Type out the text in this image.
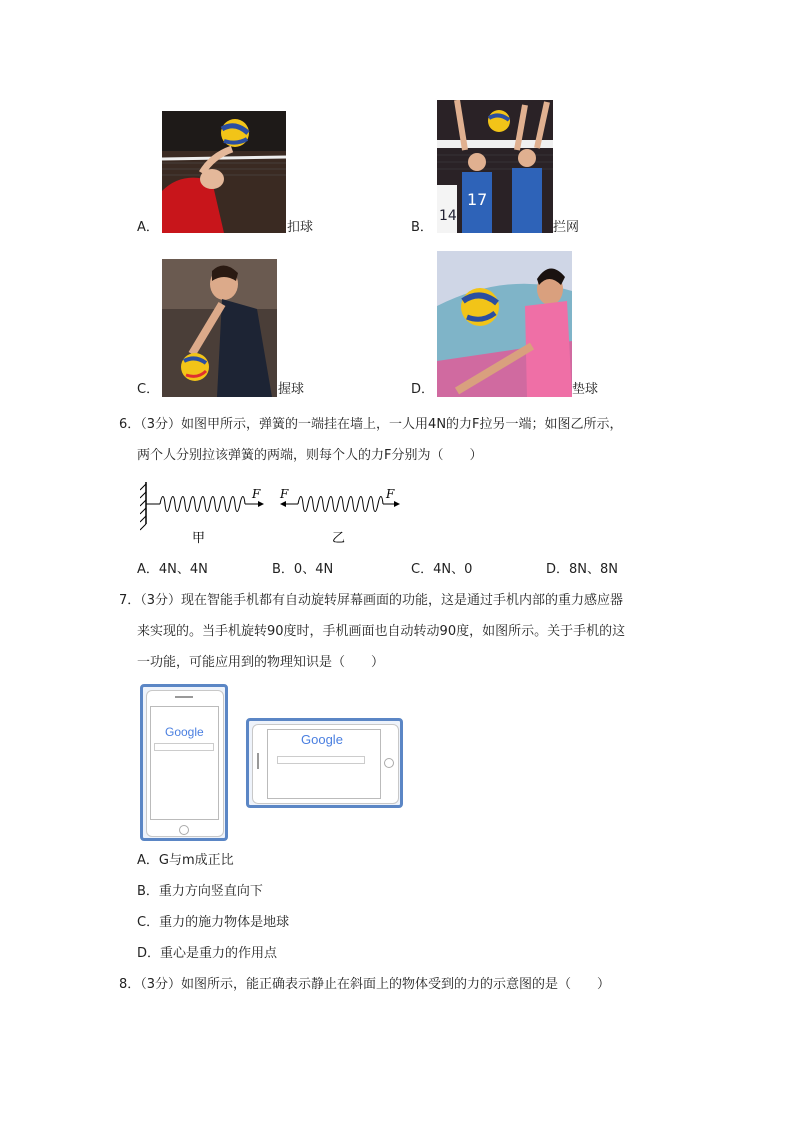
A．	扣球
17
14
B．	拦网
C．	握球	D．	垫球
6．（3分）如图甲所示，弹簧的一端挂在墙上，一人用4N的力F拉另一端；如图乙所示，
两个人分别拉该弹簧的两端，则每个人的力F分别为（　　）
F F	F
甲	乙
A．4N、4N	B．0、4N	C．4N、0	D．8N、8N
7．（3分）现在智能手机都有自动旋转屏幕画面的功能，这是通过手机内部的重力感应器
来实现的。当手机旋转90度时，手机画面也自动转动90度，如图所示。关于手机的这
一功能，可能应用到的物理知识是（　　）
Google	Google
A．G与m成正比
B．重力方向竖直向下
C．重力的施力物体是地球
D．重心是重力的作用点
8．（3分）如图所示，能正确表示静止在斜面上的物体受到的力的示意图的是（　　）
